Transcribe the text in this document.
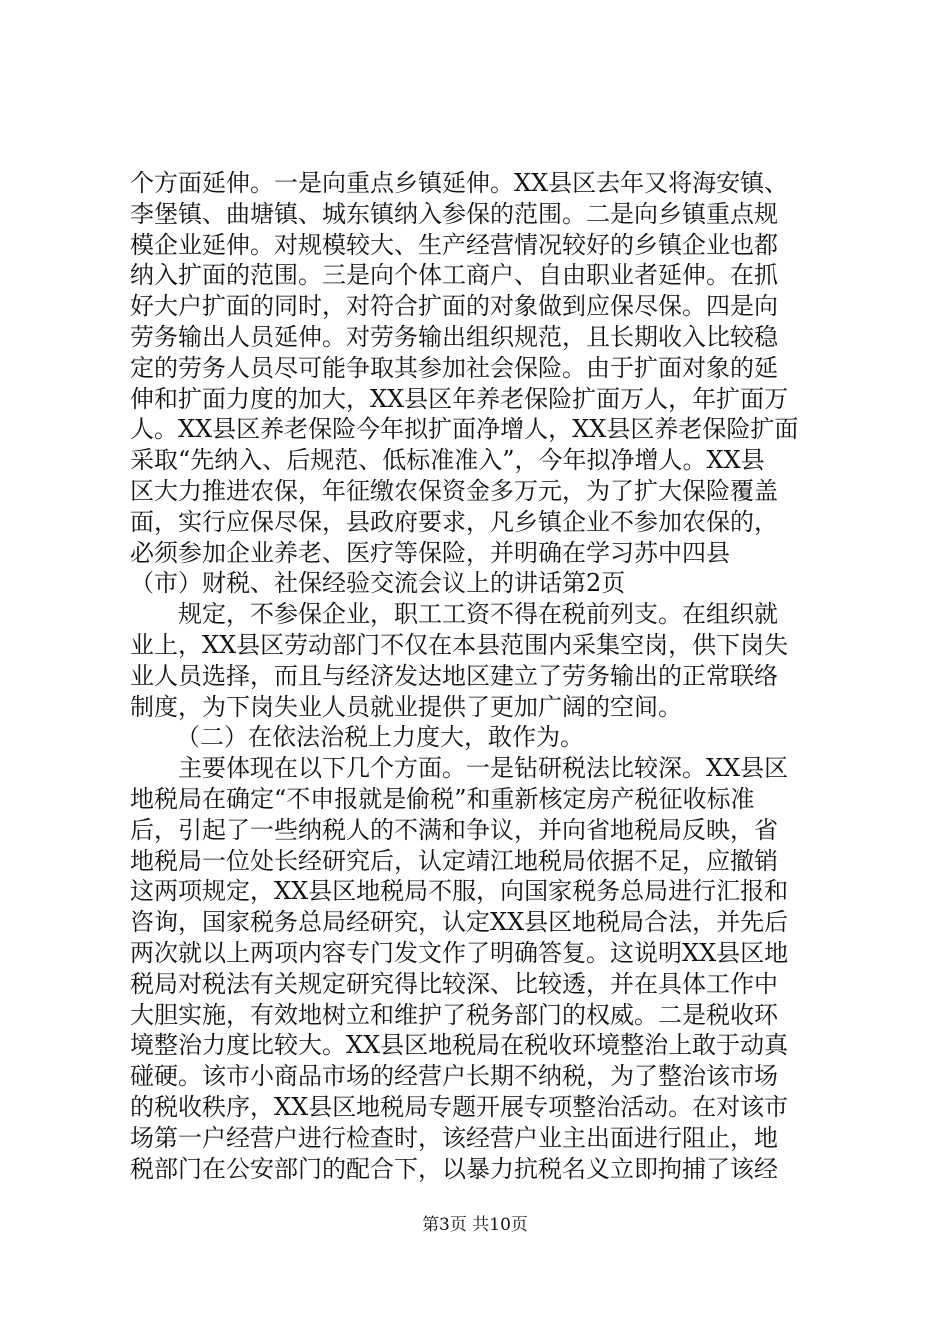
个方面延伸。一是向重点乡镇延伸。XX县区去年又将海安镇、
李堡镇、曲塘镇、城东镇纳入参保的范围。二是向乡镇重点规
模企业延伸。对规模较大、生产经营情况较好的乡镇企业也都
纳入扩面的范围。三是向个体工商户、自由职业者延伸。在抓
好大户扩面的同时，对符合扩面的对象做到应保尽保。四是向
劳务输出人员延伸。对劳务输出组织规范，且长期收入比较稳
定的劳务人员尽可能争取其参加社会保险。由于扩面对象的延
伸和扩面力度的加大，XX县区年养老保险扩面万人，年扩面万
人。XX县区养老保险今年拟扩面净增人，XX县区养老保险扩面
采取“先纳入、后规范、低标准准入”，今年拟净增人。XX县
区大力推进农保，年征缴农保资金多万元，为了扩大保险覆盖
面，实行应保尽保，县政府要求，凡乡镇企业不参加农保的，
必须参加企业养老、医疗等保险，并明确在学习苏中四县
（市）财税、社保经验交流会议上的讲话第2页
规定，不参保企业，职工工资不得在税前列支。在组织就
业上，XX县区劳动部门不仅在本县范围内采集空岗，供下岗失
业人员选择，而且与经济发达地区建立了劳务输出的正常联络
制度，为下岗失业人员就业提供了更加广阔的空间。
（二）在依法治税上力度大，敢作为。
主要体现在以下几个方面。一是钻研税法比较深。XX县区
地税局在确定“不申报就是偷税”和重新核定房产税征收标准
后，引起了一些纳税人的不满和争议，并向省地税局反映，省
地税局一位处长经研究后，认定靖江地税局依据不足，应撤销
这两项规定，XX县区地税局不服，向国家税务总局进行汇报和
咨询，国家税务总局经研究，认定XX县区地税局合法，并先后
两次就以上两项内容专门发文作了明确答复。这说明XX县区地
税局对税法有关规定研究得比较深、比较透，并在具体工作中
大胆实施，有效地树立和维护了税务部门的权威。二是税收环
境整治力度比较大。XX县区地税局在税收环境整治上敢于动真
碰硬。该市小商品市场的经营户长期不纳税，为了整治该市场
的税收秩序，XX县区地税局专题开展专项整治活动。在对该市
场第一户经营户进行检查时，该经营户业主出面进行阻止，地
税部门在公安部门的配合下，以暴力抗税名义立即拘捕了该经
第3页 共10页
